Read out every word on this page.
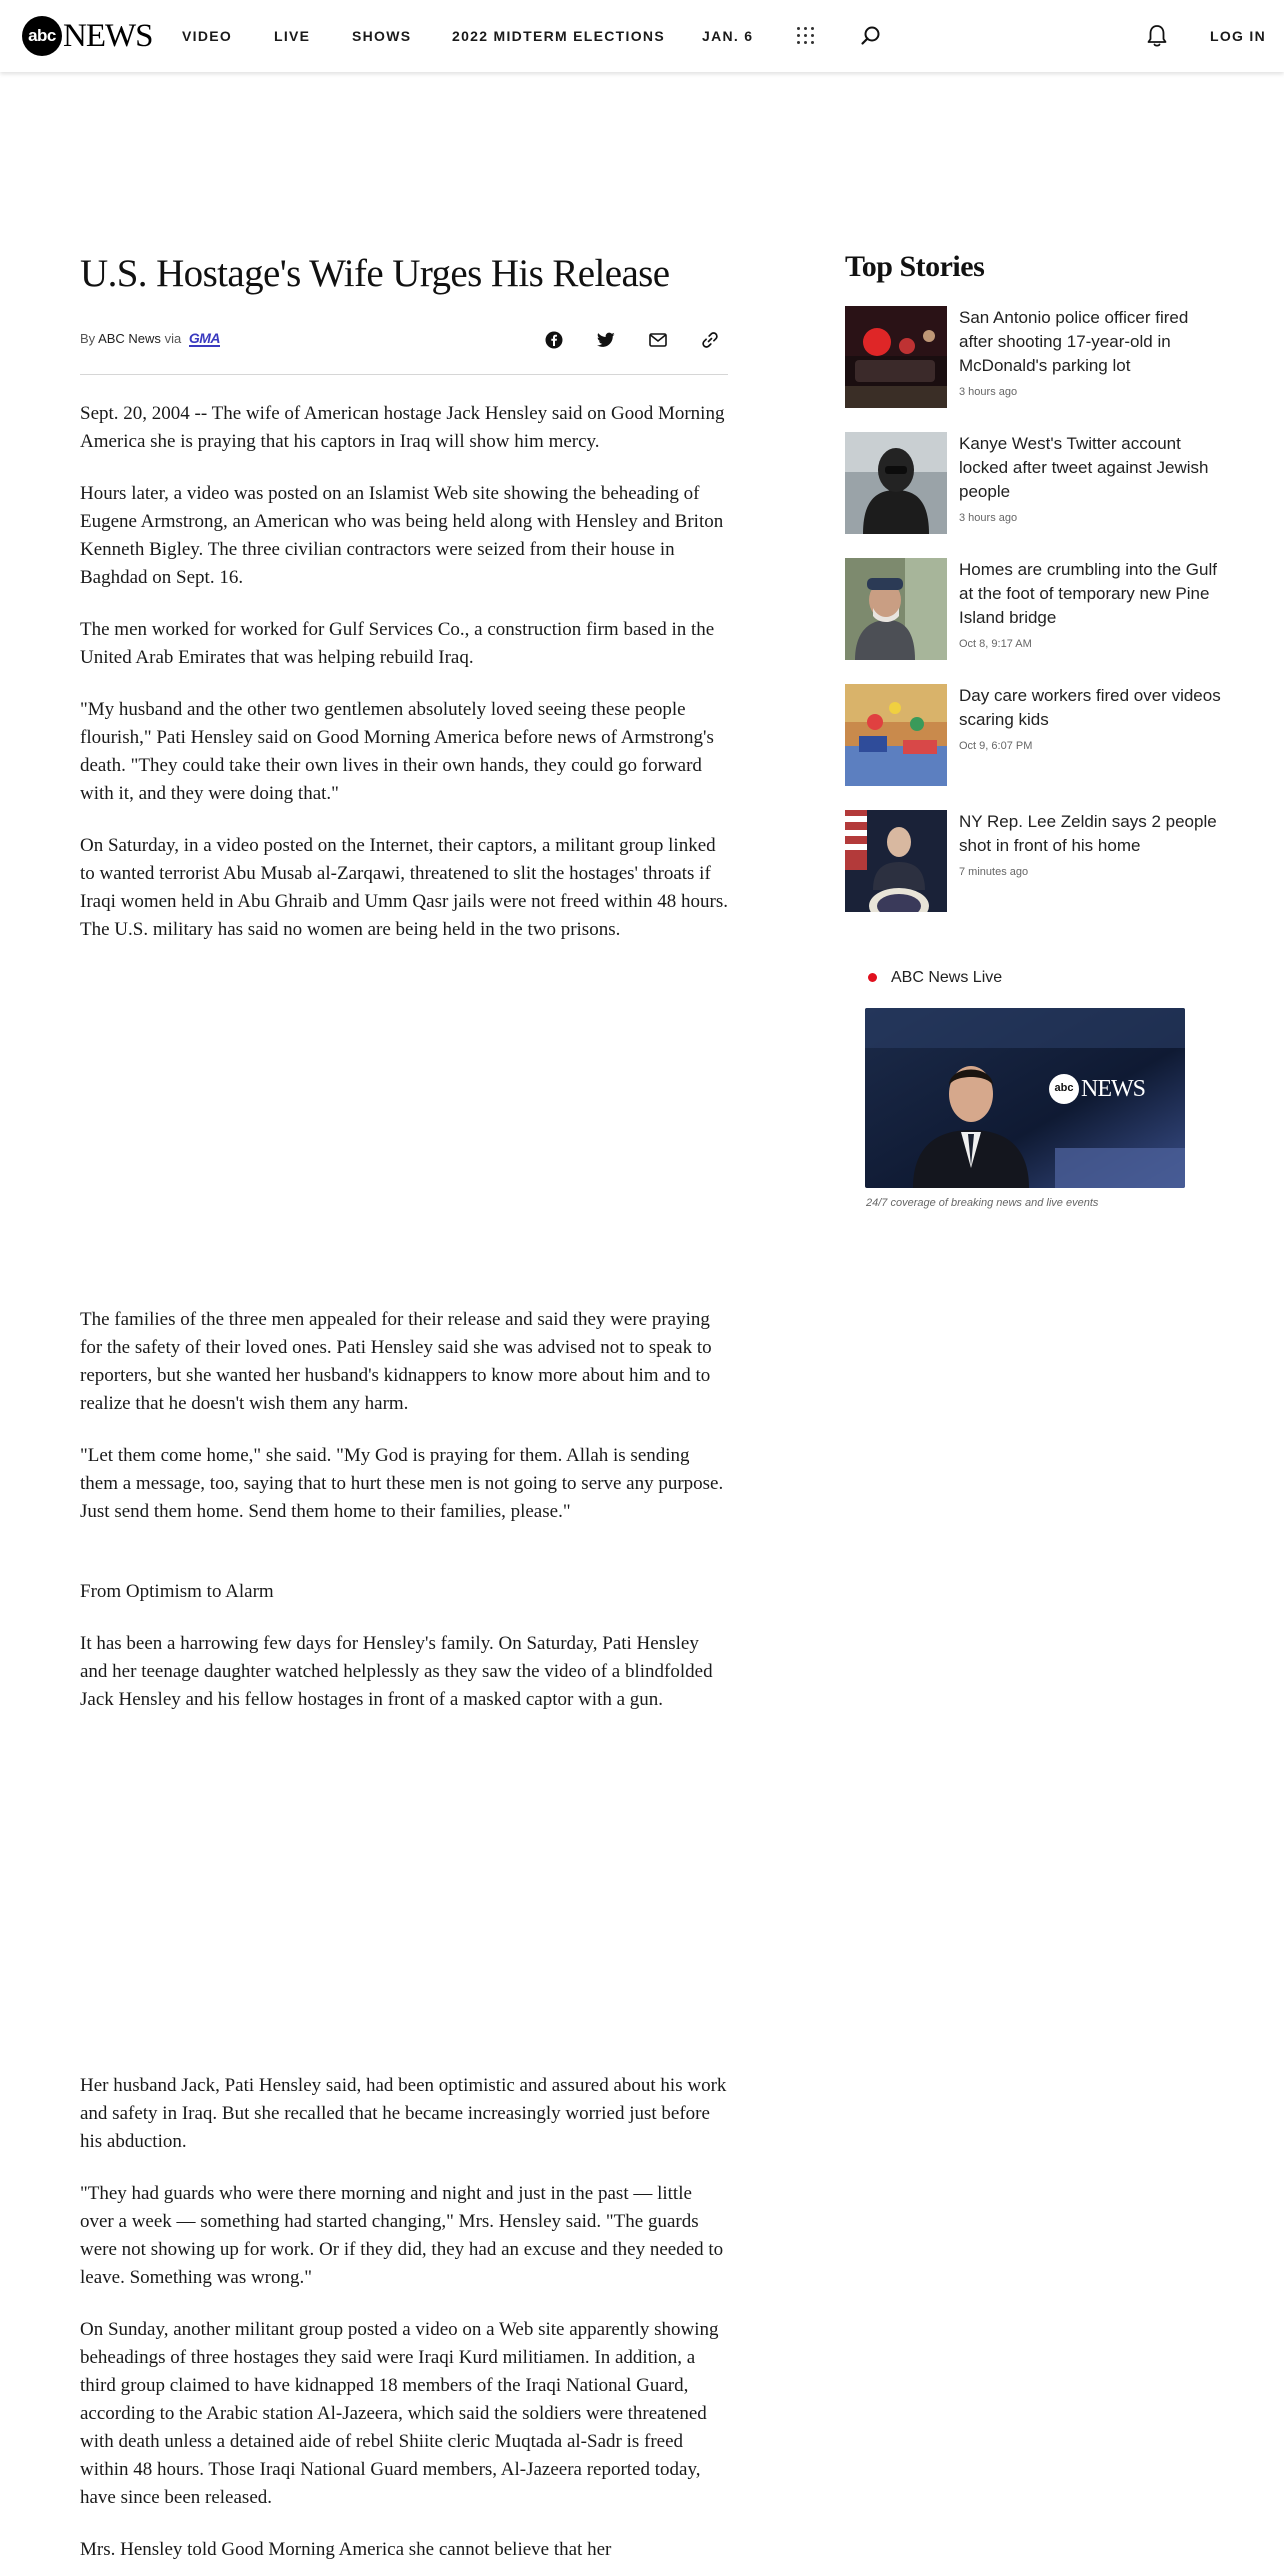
abc NEWS VIDEO	LIVE	SHOWS	2022 MIDTERM ELECTIONS	JAN. 6	LOG IN
U.S. Hostage's Wife Urges His Release
By ABC News via GMA

Sept. 20, 2004 -- The wife of American hostage Jack Hensley said on Good Morning America she is praying that his captors in Iraq will show him mercy.

Hours later, a video was posted on an Islamist Web site showing the beheading of Eugene Armstrong, an American who was being held along with Hensley and Briton Kenneth Bigley. The three civilian contractors were seized from their house in Baghdad on Sept. 16.

The men worked for worked for Gulf Services Co., a construction firm based in the United Arab Emirates that was helping rebuild Iraq.

"My husband and the other two gentlemen absolutely loved seeing these people flourish," Pati Hensley said on Good Morning America before news of Armstrong's death. "They could take their own lives in their own hands, they could go forward with it, and they were doing that."

On Saturday, in a video posted on the Internet, their captors, a militant group linked to wanted terrorist Abu Musab al-Zarqawi, threatened to slit the hostages' throats if Iraqi women held in Abu Ghraib and Umm Qasr jails were not freed within 48 hours. The U.S. military has said no women are being held in the two prisons.

The families of the three men appealed for their release and said they were praying for the safety of their loved ones. Pati Hensley said she was advised not to speak to reporters, but she wanted her husband's kidnappers to know more about him and to realize that he doesn't wish them any harm.

"Let them come home," she said. "My God is praying for them. Allah is sending them a message, too, saying that to hurt these men is not going to serve any purpose. Just send them home. Send them home to their families, please."

From Optimism to Alarm

It has been a harrowing few days for Hensley's family. On Saturday, Pati Hensley and her teenage daughter watched helplessly as they saw the video of a blindfolded Jack Hensley and his fellow hostages in front of a masked captor with a gun.

Her husband Jack, Pati Hensley said, had been optimistic and assured about his work and safety in Iraq. But she recalled that he became increasingly worried just before his abduction.

"They had guards who were there morning and night and just in the past — little over a week — something had started changing," Mrs. Hensley said. "The guards were not showing up for work. Or if they did, they had an excuse and they needed to leave. Something was wrong."

On Sunday, another militant group posted a video on a Web site apparently showing beheadings of three hostages they said were Iraqi Kurd militiamen. In addition, a third group claimed to have kidnapped 18 members of the Iraqi National Guard, according to the Arabic station Al-Jazeera, which said the soldiers were threatened with death unless a detained aide of rebel Shiite cleric Muqtada al-Sadr is freed within 48 hours. Those Iraqi National Guard members, Al-Jazeera reported today, have since been released.

Mrs. Hensley told Good Morning America she cannot believe that her

Top Stories
San Antonio police officer fired after shooting 17-year-old in McDonald's parking lot
3 hours ago
Kanye West's Twitter account locked after tweet against Jewish people
3 hours ago
Homes are crumbling into the Gulf at the foot of temporary new Pine Island bridge
Oct 8, 9:17 AM
Day care workers fired over videos scaring kids
Oct 9, 6:07 PM
NY Rep. Lee Zeldin says 2 people shot in front of his home
7 minutes ago
ABC News Live
abc NEWS
24/7 coverage of breaking news and live events
